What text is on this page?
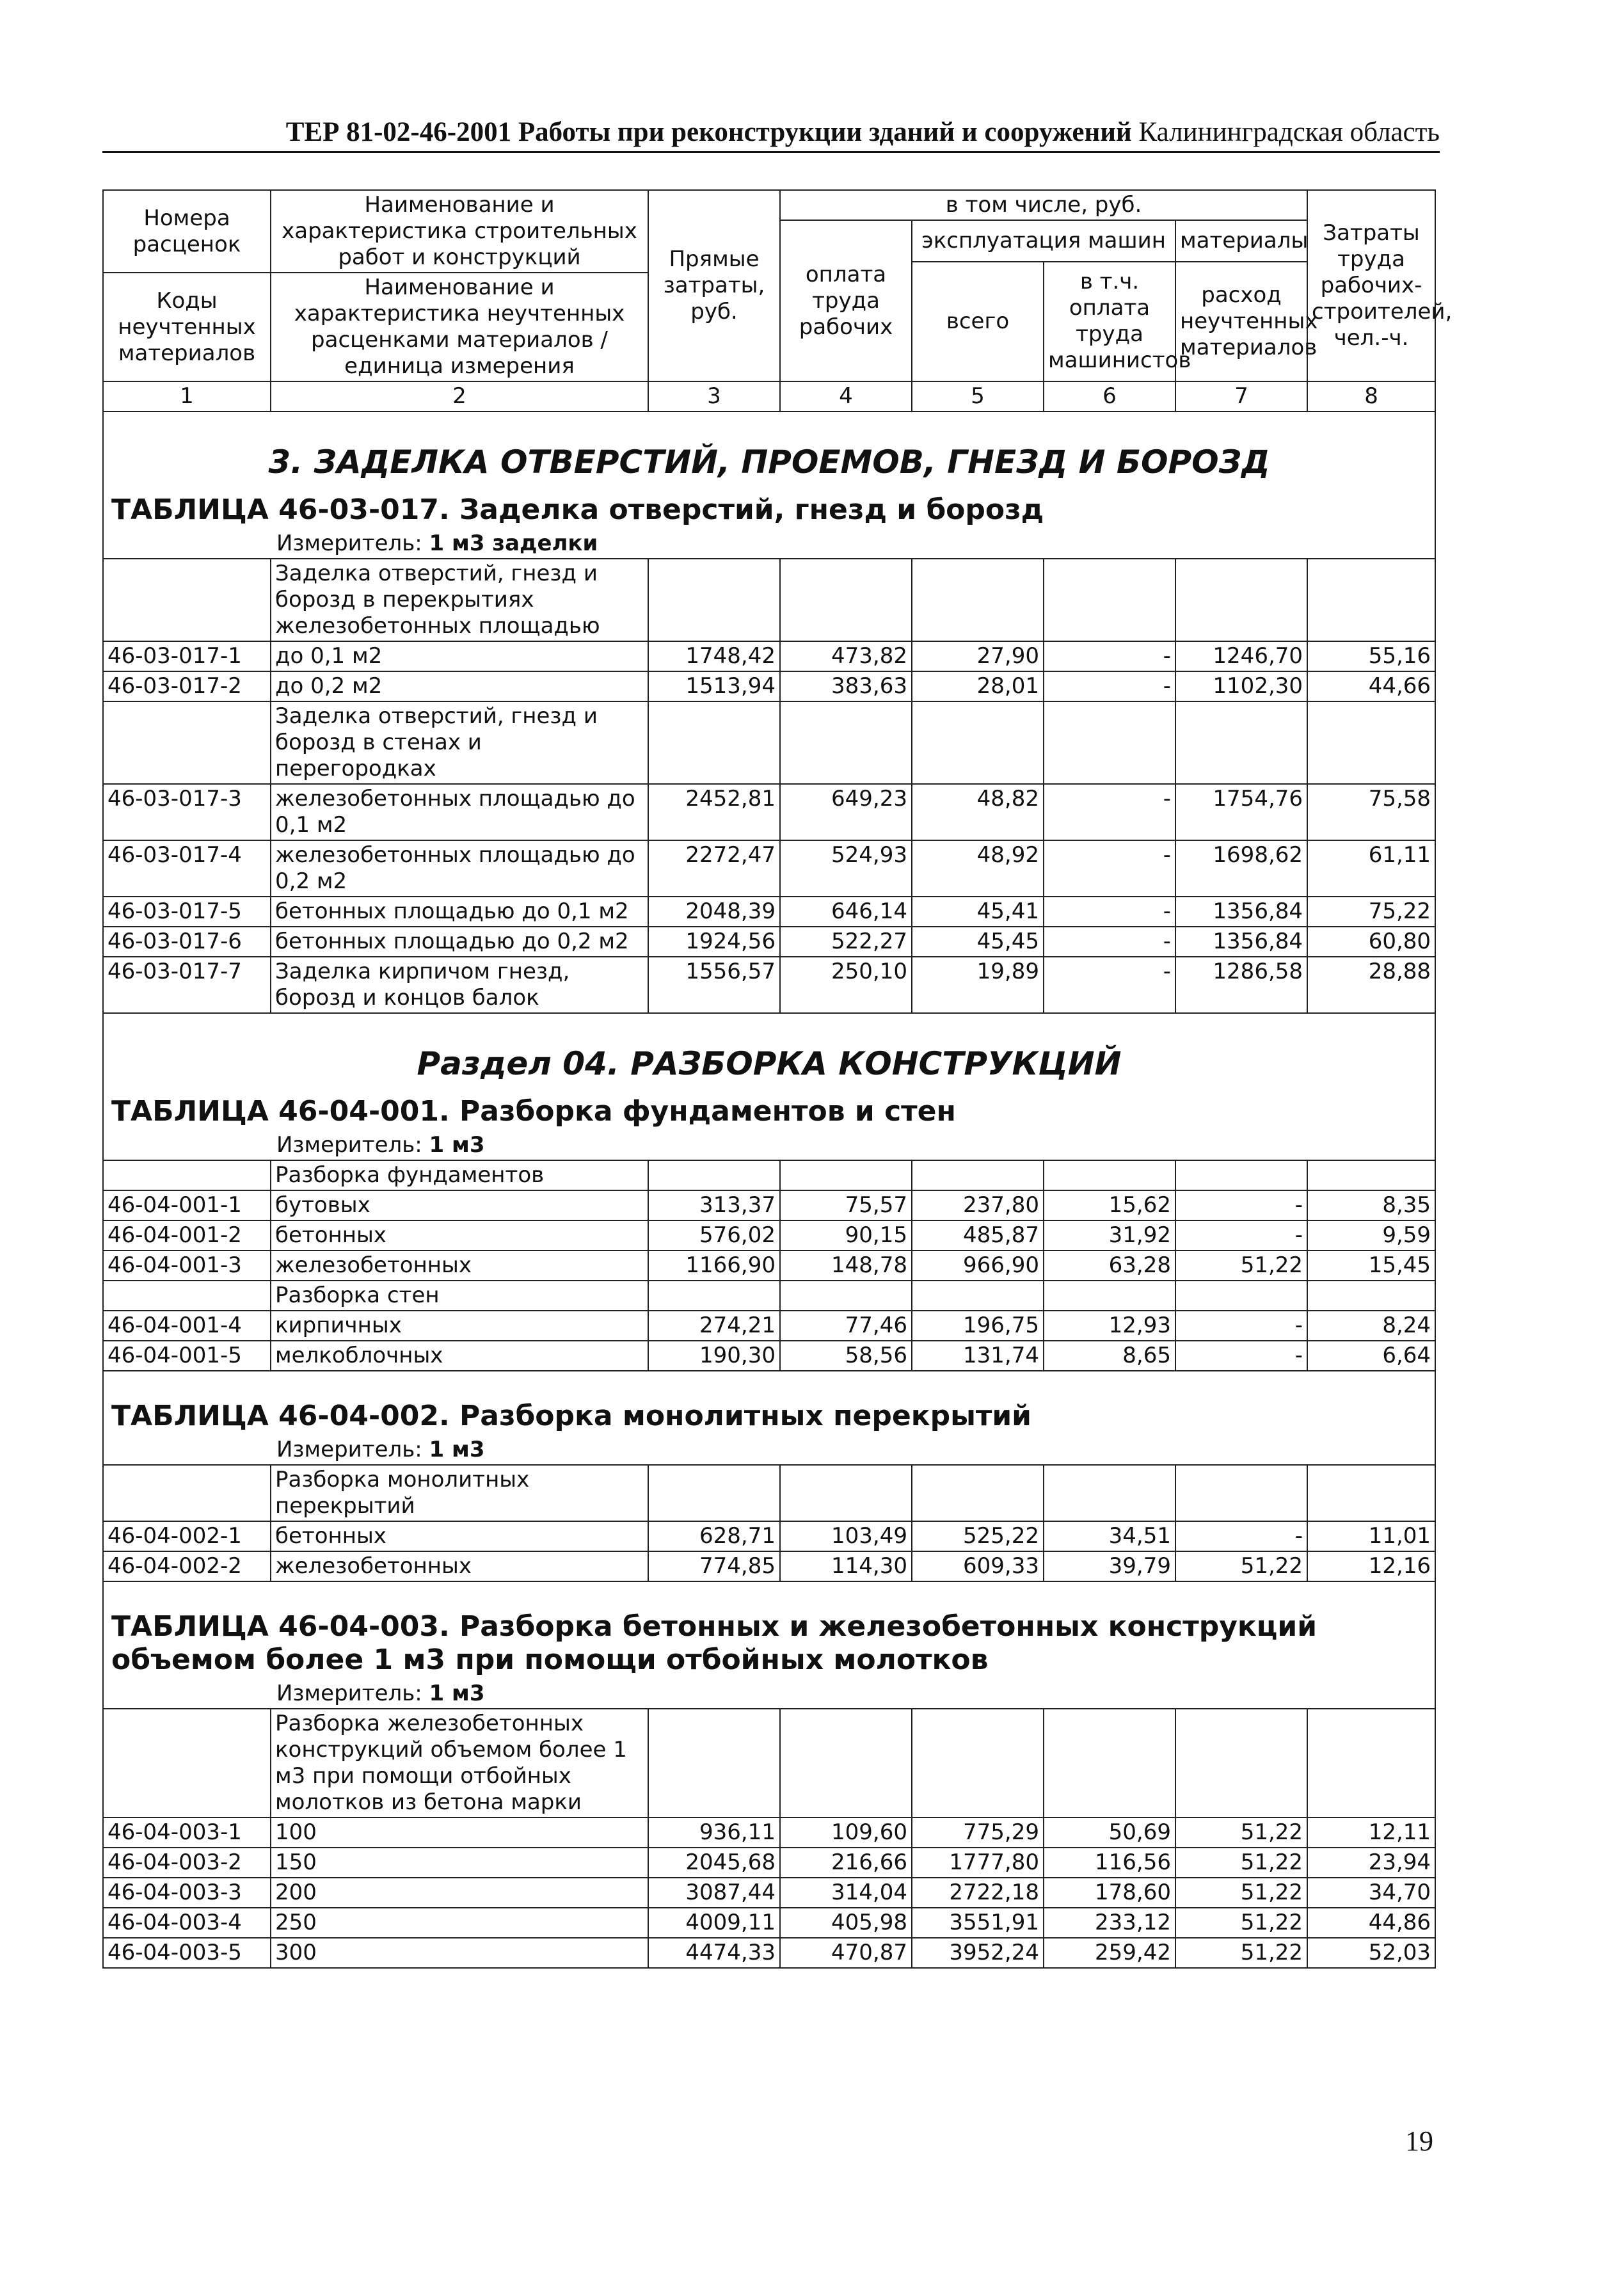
ТЕР 81-02-46-2001 Работы при реконструкции зданий и сооружений Калининградская область
Номера расценок	Наименование и характеристика строительных работ и конструкций	Прямые затраты, руб.	в том числе, руб.				Затраты труда рабочих-строителей, чел.-ч.
			оплата труда рабочих	эксплуатация машин		материалы	
				всего	в т.ч. оплата труда машинистов	расход неучтенных материалов	
Коды неучтенных материалов	Наименование и характеристика неучтенных расценками материалов / единица измерения						

1	2	3	4	5	6	7	8
3. ЗАДЕЛКА ОТВЕРСТИЙ, ПРОЕМОВ, ГНЕЗД И БОРОЗД							
ТАБЛИЦА 46-03-017. Заделка отверстий, гнезд и борозд							
Измеритель: 1 м3 заделки							
	Заделка отверстий, гнезд и борозд в перекрытиях железобетонных площадью						
46-03-017-1	до 0,1 м2	1748,42	473,82	27,90	-	1246,70	55,16
46-03-017-2	до 0,2 м2	1513,94	383,63	28,01	-	1102,30	44,66
	Заделка отверстий, гнезд и борозд в стенах и перегородках						
46-03-017-3	железобетонных площадью до 0,1 м2	2452,81	649,23	48,82	-	1754,76	75,58
46-03-017-4	железобетонных площадью до 0,2 м2	2272,47	524,93	48,92	-	1698,62	61,11
46-03-017-5	бетонных площадью до 0,1 м2	2048,39	646,14	45,41	-	1356,84	75,22
46-03-017-6	бетонных площадью до 0,2 м2	1924,56	522,27	45,45	-	1356,84	60,80
46-03-017-7	Заделка кирпичом гнезд, борозд и концов балок	1556,57	250,10	19,89	-	1286,58	28,88
Раздел 04. РАЗБОРКА КОНСТРУКЦИЙ							
ТАБЛИЦА 46-04-001. Разборка фундаментов и стен							
Измеритель: 1 м3							
	Разборка фундаментов						
46-04-001-1	бутовых	313,37	75,57	237,80	15,62	-	8,35
46-04-001-2	бетонных	576,02	90,15	485,87	31,92	-	9,59
46-04-001-3	железобетонных	1166,90	148,78	966,90	63,28	51,22	15,45
	Разборка стен						
46-04-001-4	кирпичных	274,21	77,46	196,75	12,93	-	8,24
46-04-001-5	мелкоблочных	190,30	58,56	131,74	8,65	-	6,64

ТАБЛИЦА 46-04-002. Разборка монолитных перекрытий							
Измеритель: 1 м3							
	Разборка монолитных перекрытий						
46-04-002-1	бетонных	628,71	103,49	525,22	34,51	-	11,01
46-04-002-2	железобетонных	774,85	114,30	609,33	39,79	51,22	12,16

ТАБЛИЦА 46-04-003. Разборка бетонных и железобетонных конструкций объемом более 1 м3 при помощи отбойных молотков							
Измеритель: 1 м3							
	Разборка железобетонных конструкций объемом более 1 м3 при помощи отбойных молотков из бетона марки						
46-04-003-1	100	936,11	109,60	775,29	50,69	51,22	12,11
46-04-003-2	150	2045,68	216,66	1777,80	116,56	51,22	23,94
46-04-003-3	200	3087,44	314,04	2722,18	178,60	51,22	34,70
46-04-003-4	250	4009,11	405,98	3551,91	233,12	51,22	44,86
46-04-003-5	300	4474,33	470,87	3952,24	259,42	51,22	52,03
19
